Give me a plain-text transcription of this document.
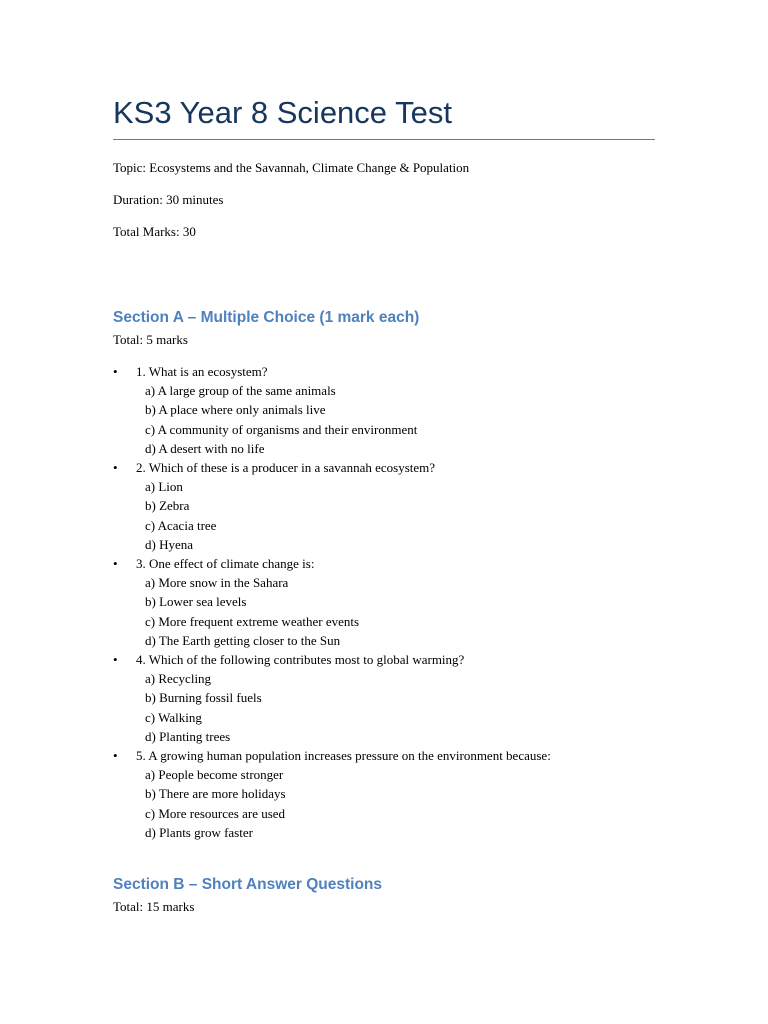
KS3 Year 8 Science Test

Topic: Ecosystems and the Savannah, Climate Change & Population

Duration: 30 minutes

Total Marks: 30

Section A – Multiple Choice (1 mark each)

Total: 5 marks

• 1. What is an ecosystem?
a) A large group of the same animals
b) A place where only animals live
c) A community of organisms and their environment
d) A desert with no life
• 2. Which of these is a producer in a savannah ecosystem?
a) Lion
b) Zebra
c) Acacia tree
d) Hyena
• 3. One effect of climate change is:
a) More snow in the Sahara
b) Lower sea levels
c) More frequent extreme weather events
d) The Earth getting closer to the Sun
• 4. Which of the following contributes most to global warming?
a) Recycling
b) Burning fossil fuels
c) Walking
d) Planting trees
• 5. A growing human population increases pressure on the environment because:
a) People become stronger
b) There are more holidays
c) More resources are used
d) Plants grow faster
Section B – Short Answer Questions

Total: 15 marks
